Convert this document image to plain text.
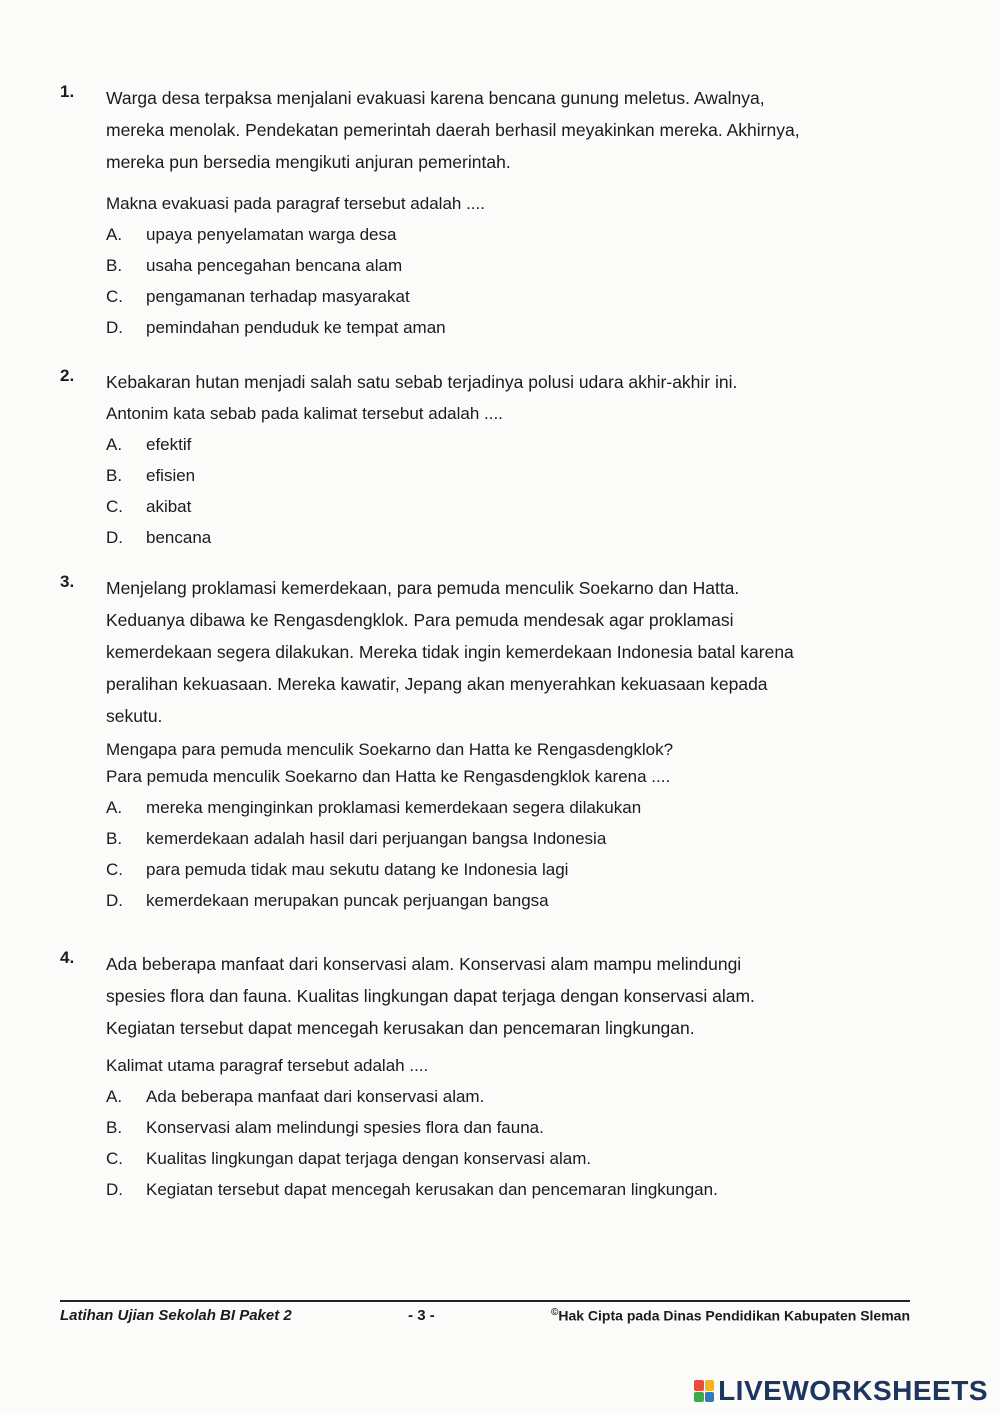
1. Warga desa terpaksa menjalani evakuasi karena bencana gunung meletus. Awalnya,
mereka menolak. Pendekatan pemerintah daerah berhasil meyakinkan mereka. Akhirnya,
mereka pun bersedia mengikuti anjuran pemerintah.
Makna evakuasi pada paragraf tersebut adalah ....
A.	upaya penyelamatan warga desa
B.	usaha pencegahan bencana alam
C.	pengamanan terhadap masyarakat
D.	pemindahan penduduk ke tempat aman
2. Kebakaran hutan menjadi salah satu sebab terjadinya polusi udara akhir-akhir ini.
Antonim kata sebab pada kalimat tersebut adalah ....
A.	efektif
B.	efisien
C.	akibat
D.	bencana
3. Menjelang proklamasi kemerdekaan, para pemuda menculik Soekarno dan Hatta.
Keduanya dibawa ke Rengasdengklok. Para pemuda mendesak agar proklamasi
kemerdekaan segera dilakukan. Mereka tidak ingin kemerdekaan Indonesia batal karena
peralihan kekuasaan. Mereka kawatir, Jepang akan menyerahkan kekuasaan kepada
sekutu.
Mengapa para pemuda menculik Soekarno dan Hatta ke Rengasdengklok?
Para pemuda menculik Soekarno dan Hatta ke Rengasdengklok karena ....
A.	mereka menginginkan proklamasi kemerdekaan segera dilakukan
B.	kemerdekaan adalah hasil dari perjuangan bangsa Indonesia
C.	para pemuda tidak mau sekutu datang ke Indonesia lagi
D.	kemerdekaan merupakan puncak perjuangan bangsa
4. Ada beberapa manfaat dari konservasi alam. Konservasi alam mampu melindungi
spesies flora dan fauna. Kualitas lingkungan dapat terjaga dengan konservasi alam.
Kegiatan tersebut dapat mencegah kerusakan dan pencemaran lingkungan.
Kalimat utama paragraf tersebut adalah ....
A.	Ada beberapa manfaat dari konservasi alam.
B.	Konservasi alam melindungi spesies flora dan fauna.
C.	Kualitas lingkungan dapat terjaga dengan konservasi alam.
D.	Kegiatan tersebut dapat mencegah kerusakan dan pencemaran lingkungan.
Latihan Ujian Sekolah BI Paket 2	- 3 -	©Hak Cipta pada Dinas Pendidikan Kabupaten Sleman
LIVEWORKSHEETS
